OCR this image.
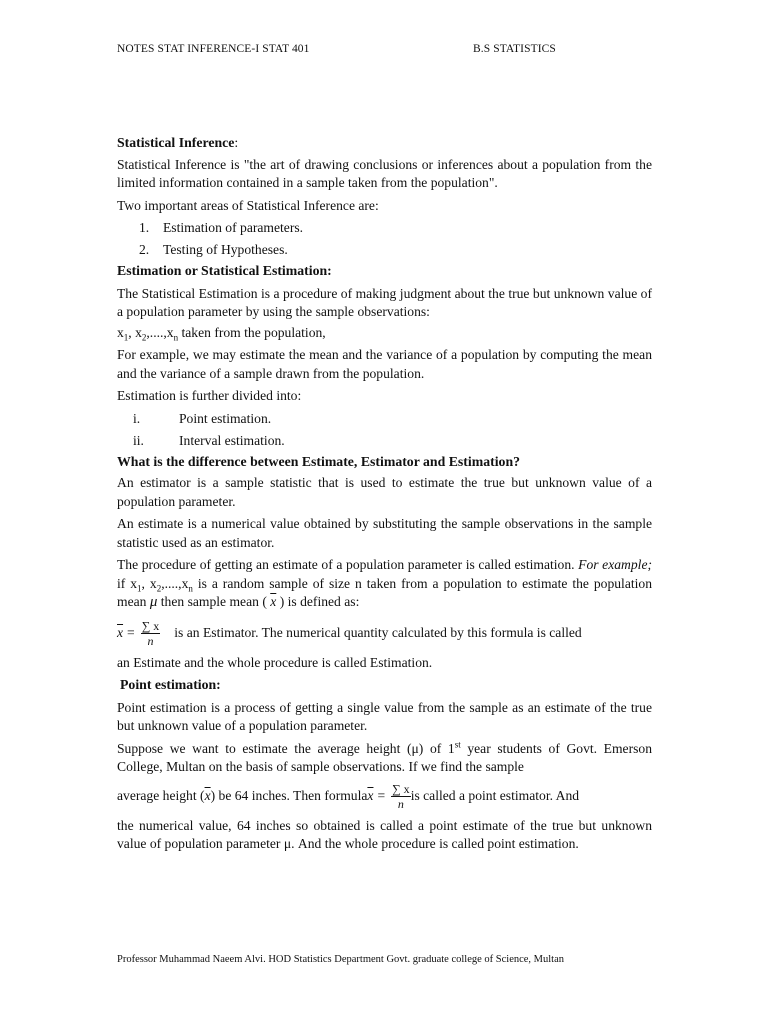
NOTES STAT INFERENCE-I STAT 401	B.S STATISTICS
Statistical Inference:

Statistical Inference is "the art of drawing conclusions or inferences about a population from the limited information contained in a sample taken from the population".

Two important areas of Statistical Inference are:

1. Estimation of parameters.
2. Testing of Hypotheses.
Estimation or Statistical Estimation:

The Statistical Estimation is a procedure of making judgment about the true but unknown value of a population parameter by using the sample observations:

$x_1$, $x_2,....,x_n$ taken from the population,

For example, we may estimate the mean and the variance of a population by computing the mean and the variance of a sample drawn from the population.

Estimation is further divided into:

i.	Point estimation.
ii.	Interval estimation.
What is the difference between Estimate, Estimator and Estimation?

An estimator is a sample statistic that is used to estimate the true but unknown value of a population parameter.

An estimate is a numerical value obtained by substituting the sample observations in the sample statistic used as an estimator.

The procedure of getting an estimate of a population parameter is called estimation. For example; if $x_1$, $x_2,....,x_n$ is a random sample of size n taken from a population to estimate the population mean μ then sample mean ( $\overline{x}$ ) is defined as:

$\overline{x} = \frac{\sum x}{n}$ is an Estimator. The numerical quantity calculated by this formula is called

an Estimate and the whole procedure is called Estimation.

Point estimation:

Point estimation is a process of getting a single value from the sample as an estimate of the true but unknown value of a population parameter.

Suppose we want to estimate the average height (μ) of 1st year students of Govt. Emerson College, Multan on the basis of sample observations. If we find the sample

average height ( $\overline{x}$ ) be 64 inches. Then formula $\overline{x} = \frac{\sum x}{n}$ is called a point estimator. And

the numerical value, 64 inches so obtained is called a point estimate of the true but unknown value of population parameter μ. And the whole procedure is called point estimation.

Professor Muhammad Naeem Alvi. HOD Statistics Department Govt. graduate college of Science, Multan
